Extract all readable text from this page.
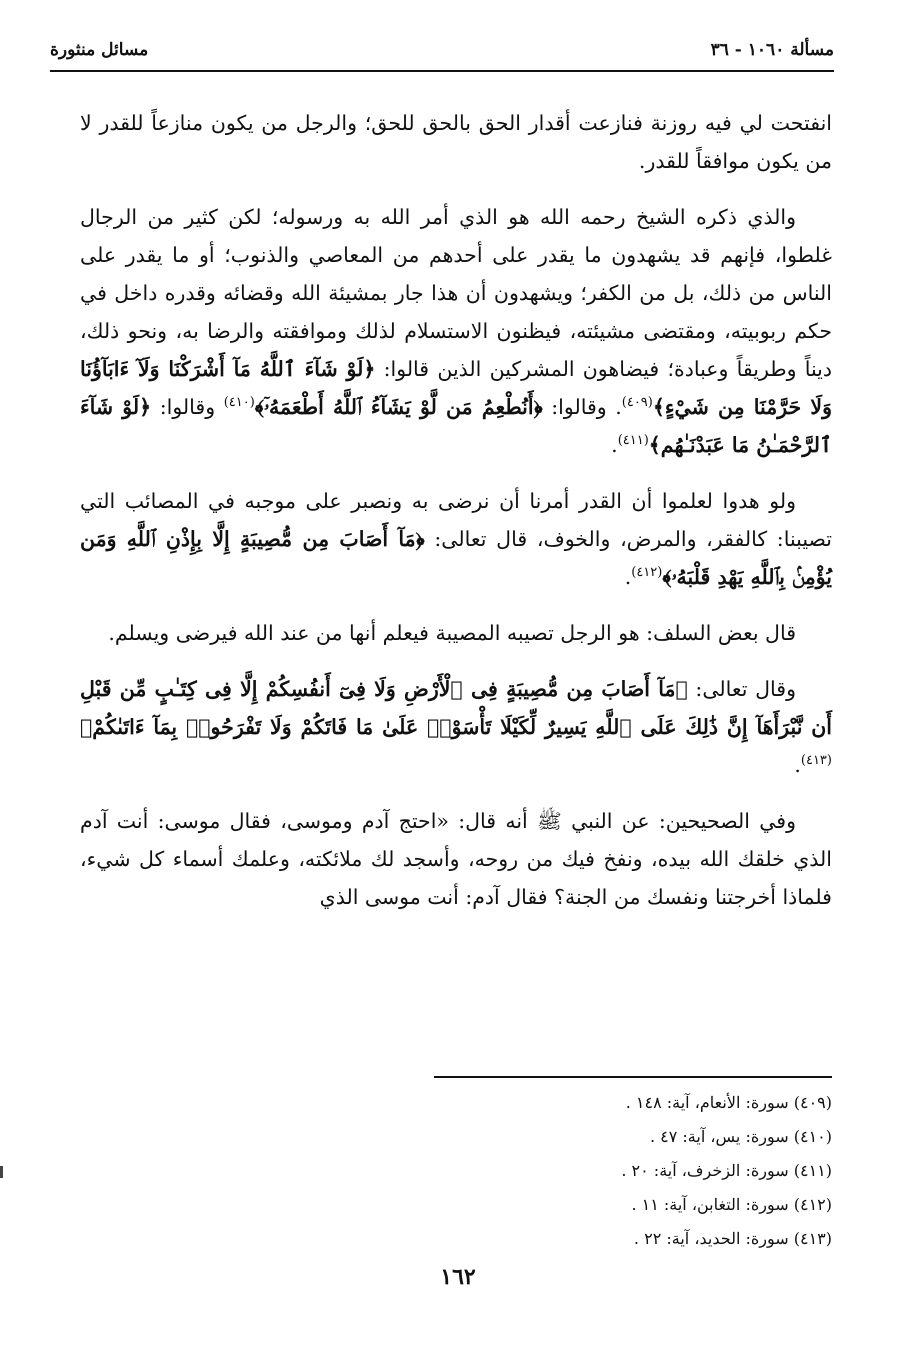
مسألة ١٠٦٠ - ٣٦
مسائل منثورة

انفتحت لي فيه روزنة فنازعت أقدار الحق بالحق للحق؛ والرجل من يكون منازعاً للقدر لا من يكون موافقاً للقدر.

والذي ذكره الشيخ رحمه الله هو الذي أمر الله به ورسوله؛ لكن كثير من الرجال غلطوا، فإنهم قد يشهدون ما يقدر على أحدهم من المعاصي والذنوب؛ أو ما يقدر على الناس من ذلك، بل من الكفر؛ ويشهدون أن هذا جار بمشيئة الله وقضائه وقدره داخل في حكم ربوبيته، ومقتضى مشيئته، فيظنون الاستسلام لذلك وموافقته والرضا به، ونحو ذلك، ديناً وطريقاً وعبادة؛ فيضاهون المشركين الذين قالوا: ﴿لَوْ شَآءَ ٱللَّهُ مَآ أَشْرَكْنَا وَلَآ ءَابَآؤُنَا وَلَا حَرَّمْنَا مِن شَيْءٍ﴾$^{(٤٠٩)}$. وقالوا: ﴿أَنُطْعِمُ مَن لَّوْ يَشَآءُ ٱللَّهُ أَطْعَمَهُۥٓ﴾$^{(٤١٠)}$ وقالوا: ﴿لَوْ شَآءَ ٱلرَّحْمَـٰنُ مَا عَبَدْنَـٰهُم﴾$^{(٤١١)}$.

ولو هدوا لعلموا أن القدر أمرنا أن نرضى به ونصبر على موجبه في المصائب التي تصيبنا: كالفقر، والمرض، والخوف، قال تعالى: ﴿مَآ أَصَابَ مِن مُّصِيبَةٍ إِلَّا بِإِذْنِ ٱللَّهِ وَمَن يُؤْمِنۢ بِٱللَّهِ يَهْدِ قَلْبَهُۥ﴾$^{(٤١٢)}$.

قال بعض السلف: هو الرجل تصيبه المصيبة فيعلم أنها من عند الله فيرضى ويسلم.

وقال تعالى: ﴿مَآ أَصَابَ مِن مُّصِيبَةٍ فِى ٱلْأَرْضِ وَلَا فِىٓ أَنفُسِكُمْ إِلَّا فِى كِتَـٰبٍ مِّن قَبْلِ أَن نَّبْرَأَهَآ إِنَّ ذَٰلِكَ عَلَى ٱللَّهِ يَسِيرٌ لِّكَيْلَا تَأْسَوْا۟ عَلَىٰ مَا فَاتَكُمْ وَلَا تَفْرَحُوا۟ بِمَآ ءَاتَىٰكُمْ﴾$^{(٤١٣)}$.

وفي الصحيحين: عن النبي ﷺ أنه قال: «احتج آدم وموسى، فقال موسى: أنت آدم الذي خلقك الله بيده، ونفخ فيك من روحه، وأسجد لك ملائكته، وعلمك أسماء كل شيء، فلماذا أخرجتنا ونفسك من الجنة؟ فقال آدم: أنت موسى الذي

(٤٠٩) سورة: الأنعام، آية: ١٤٨ .
(٤١٠) سورة: يس، آية: ٤٧ .
(٤١١) سورة: الزخرف، آية: ٢٠ .
(٤١٢) سورة: التغابن، آية: ١١ .
(٤١٣) سورة: الحديد، آية: ٢٢ .
١٦٢
